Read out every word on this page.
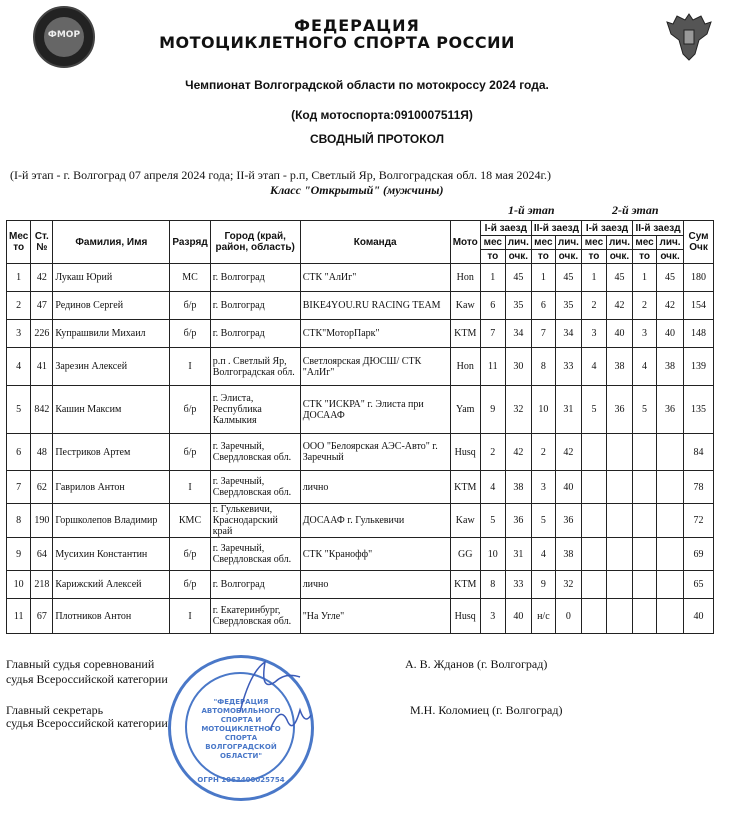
ФМОР	ФЕДЕРАЦИЯ
МОТОЦИКЛЕТНОГО СПОРТА РОССИИ
Чемпионат Волгоградской области по мотокроссу 2024 года.
(Код мотоспорта:0910007511Я)
СВОДНЫЙ ПРОТОКОЛ
(I-й этап - г. Волгоград 07 апреля 2024 года; II-й этап - р.п, Светлый Яр, Волгоградская обл. 18 мая 2024г.)
Класс "Открытый" (мужчины)
1-й этап	2-й этап
Мес то	Ст. №	Фамилия, Имя	Разряд	Город (край, район, область)	Команда	Мото	I-й заезд		II-й заезд		I-й заезд		II-й заезд		Сум Очк
							мес	лич.	мес	лич.	мес	лич.	мес	лич.	
							то	очк.	то	очк.	то	очк.	то	очк.	
1	42	Лукаш Юрий	МС	г. Волгоград	СТК "АлИг"	Hon	1	45	1	45	1	45	1	45	180
2	47	Рединов Сергей	б/р	г. Волгоград	BIKE4YOU.RU RACING TEAM	Kaw	6	35	6	35	2	42	2	42	154
3	226	Купрашвили Михаил	б/р	г. Волгоград	СТК"МоторПарк"	KTM	7	34	7	34	3	40	3	40	148
4	41	Зарезин Алексей	I	р.п . Светлый Яр, Волгоградская обл.	Светлоярская ДЮСШ/ СТК "АлИг"	Hon	11	30	8	33	4	38	4	38	139
5	842	Кашин Максим	б/р	г. Элиста, Республика Калмыкия	СТК "ИСКРА" г. Элиста при ДОСААФ	Yam	9	32	10	31	5	36	5	36	135
6	48	Пестриков Артем	б/р	г. Заречный, Свердловская обл.	ООО "Белоярская АЭС-Авто" г. Заречный	Husq	2	42	2	42					84
7	62	Гаврилов Антон	I	г. Заречный, Свердловская обл.	лично	KTM	4	38	3	40					78
8	190	Горшколепов Владимир	КМС	г. Гулькевичи, Краснодарский край	ДОСААФ г. Гулькевичи	Kaw	5	36	5	36					72
9	64	Мусихин Константин	б/р	г. Заречный, Свердловская обл.	СТК "Кранофф"	GG	10	31	4	38					69
10	218	Карижский Алексей	б/р	г. Волгоград	лично	KTM	8	33	9	32					65
11	67	Плотников Антон	I	г. Екатеринбург, Свердловская обл.	"На Угле"	Husq	3	40	н/с	0					40
Главный судья соревнований
судья Всероссийской категории
А. В. Жданов (г. Волгоград)
Главный секретарь
судья Всероссийской категории
М.Н. Коломиец (г. Волгоград)
"ФЕДЕРАЦИЯ АВТОМОБИЛЬНОГО СПОРТА И МОТОЦИКЛЕТНОГО СПОРТА ВОЛГОГРАДСКОЙ ОБЛАСТИ"
ОГРН 1063400025754
